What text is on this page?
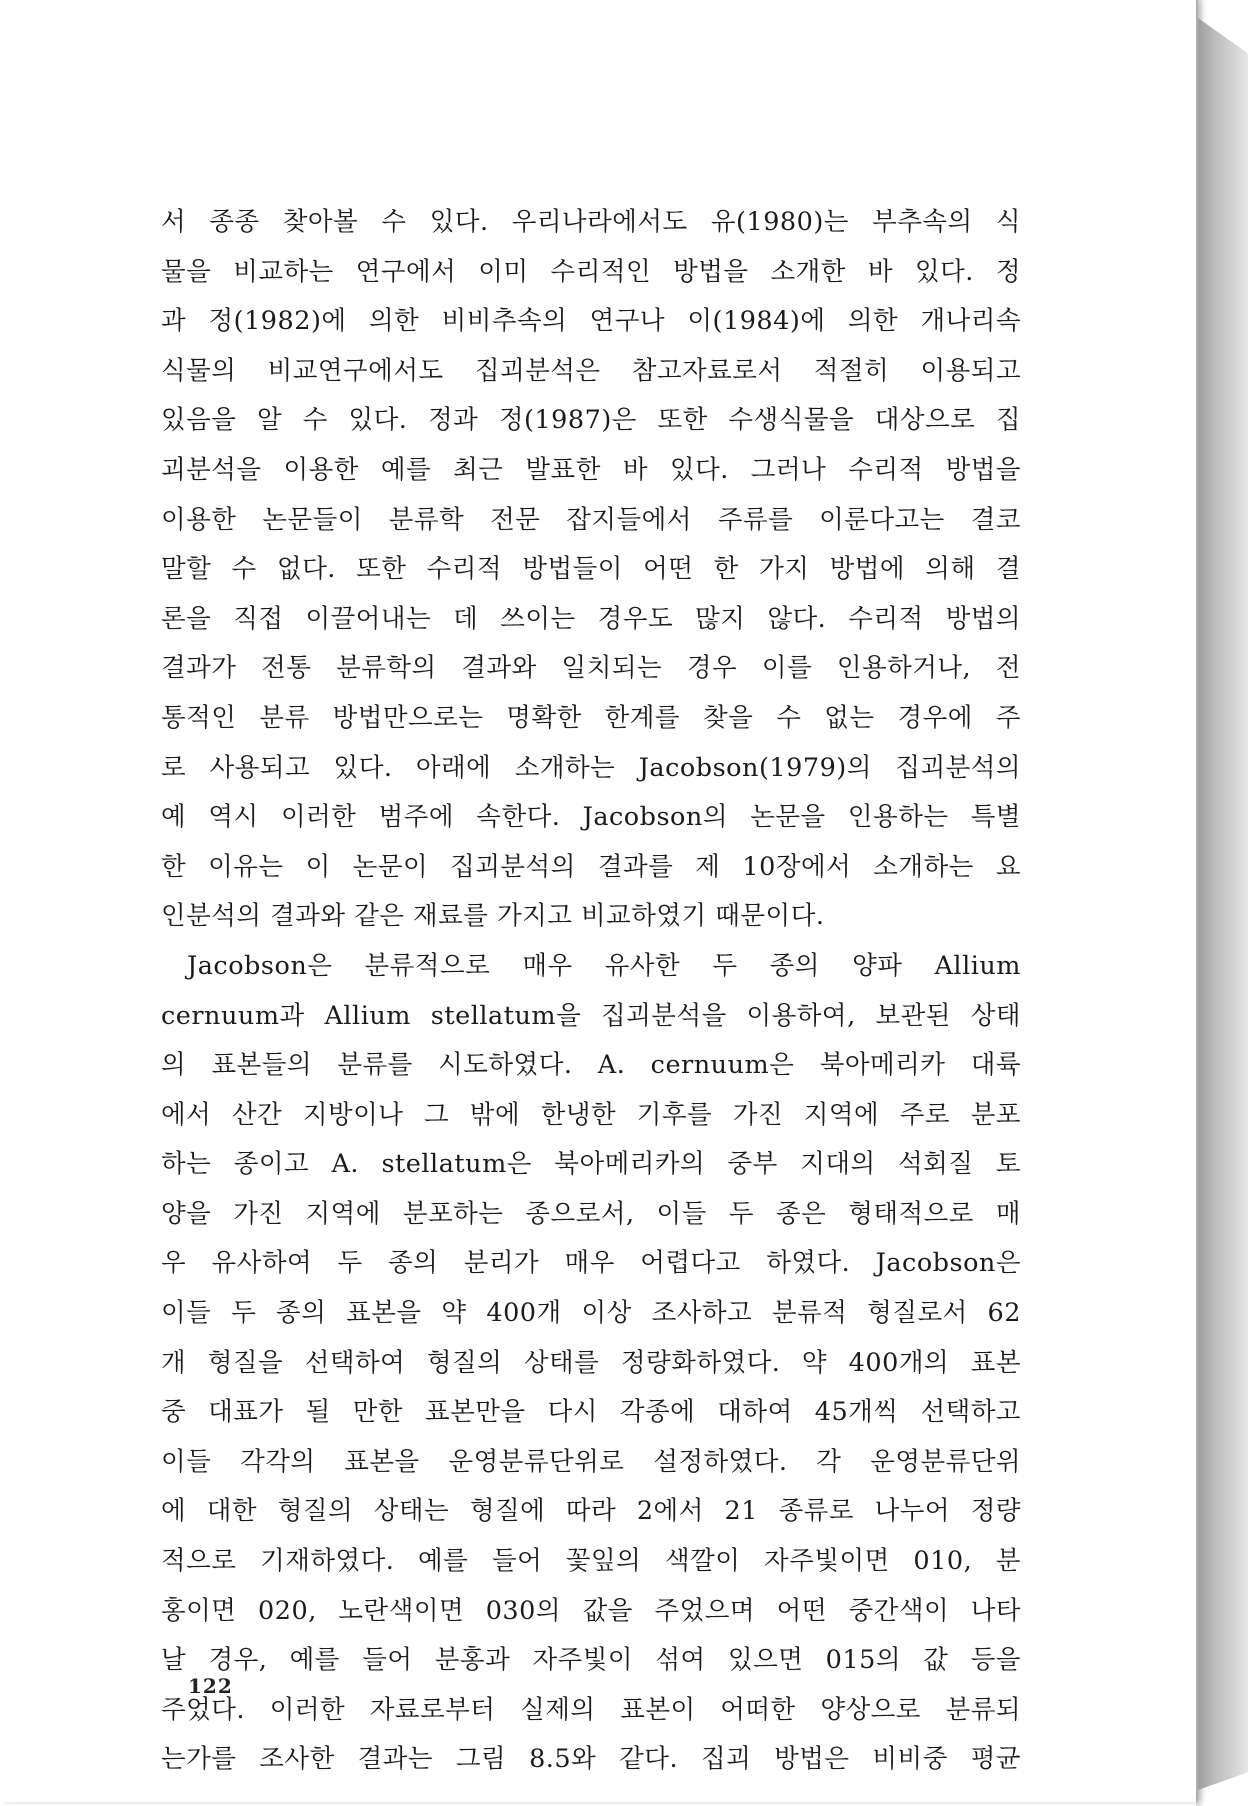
서 종종 찾아볼 수 있다. 우리나라에서도 유(1980)는 부추속의 식
물을 비교하는 연구에서 이미 수리적인 방법을 소개한 바 있다. 정
과 정(1982)에 의한 비비추속의 연구나 이(1984)에 의한 개나리속
식물의 비교연구에서도 집괴분석은 참고자료로서 적절히 이용되고
있음을 알 수 있다. 정과 정(1987)은 또한 수생식물을 대상으로 집
괴분석을 이용한 예를 최근 발표한 바 있다. 그러나 수리적 방법을
이용한 논문들이 분류학 전문 잡지들에서 주류를 이룬다고는 결코
말할 수 없다. 또한 수리적 방법들이 어떤 한 가지 방법에 의해 결
론을 직접 이끌어내는 데 쓰이는 경우도 많지 않다. 수리적 방법의
결과가 전통 분류학의 결과와 일치되는 경우 이를 인용하거나, 전
통적인 분류 방법만으로는 명확한 한계를 찾을 수 없는 경우에 주
로 사용되고 있다. 아래에 소개하는 Jacobson(1979)의 집괴분석의
예 역시 이러한 범주에 속한다. Jacobson의 논문을 인용하는 특별
한 이유는 이 논문이 집괴분석의 결과를 제 10장에서 소개하는 요
인분석의 결과와 같은 재료를 가지고 비교하였기 때문이다.
Jacobson은 분류적으로 매우 유사한 두 종의 양파 Allium
cernuum과 Allium stellatum을 집괴분석을 이용하여, 보관된 상태
의 표본들의 분류를 시도하였다. A. cernuum은 북아메리카 대륙
에서 산간 지방이나 그 밖에 한냉한 기후를 가진 지역에 주로 분포
하는 종이고 A. stellatum은 북아메리카의 중부 지대의 석회질 토
양을 가진 지역에 분포하는 종으로서, 이들 두 종은 형태적으로 매
우 유사하여 두 종의 분리가 매우 어렵다고 하였다. Jacobson은
이들 두 종의 표본을 약 400개 이상 조사하고 분류적 형질로서 62
개 형질을 선택하여 형질의 상태를 정량화하였다. 약 400개의 표본
중 대표가 될 만한 표본만을 다시 각종에 대하여 45개씩 선택하고
이들 각각의 표본을 운영분류단위로 설정하였다. 각 운영분류단위
에 대한 형질의 상태는 형질에 따라 2에서 21 종류로 나누어 정량
적으로 기재하였다. 예를 들어 꽃잎의 색깔이 자주빛이면 010, 분
홍이면 020, 노란색이면 030의 값을 주었으며 어떤 중간색이 나타
날 경우, 예를 들어 분홍과 자주빛이 섞여 있으면 015의 값 등을
주었다. 이러한 자료로부터 실제의 표본이 어떠한 양상으로 분류되
는가를 조사한 결과는 그림 8.5와 같다. 집괴 방법은 비비중 평균
122
